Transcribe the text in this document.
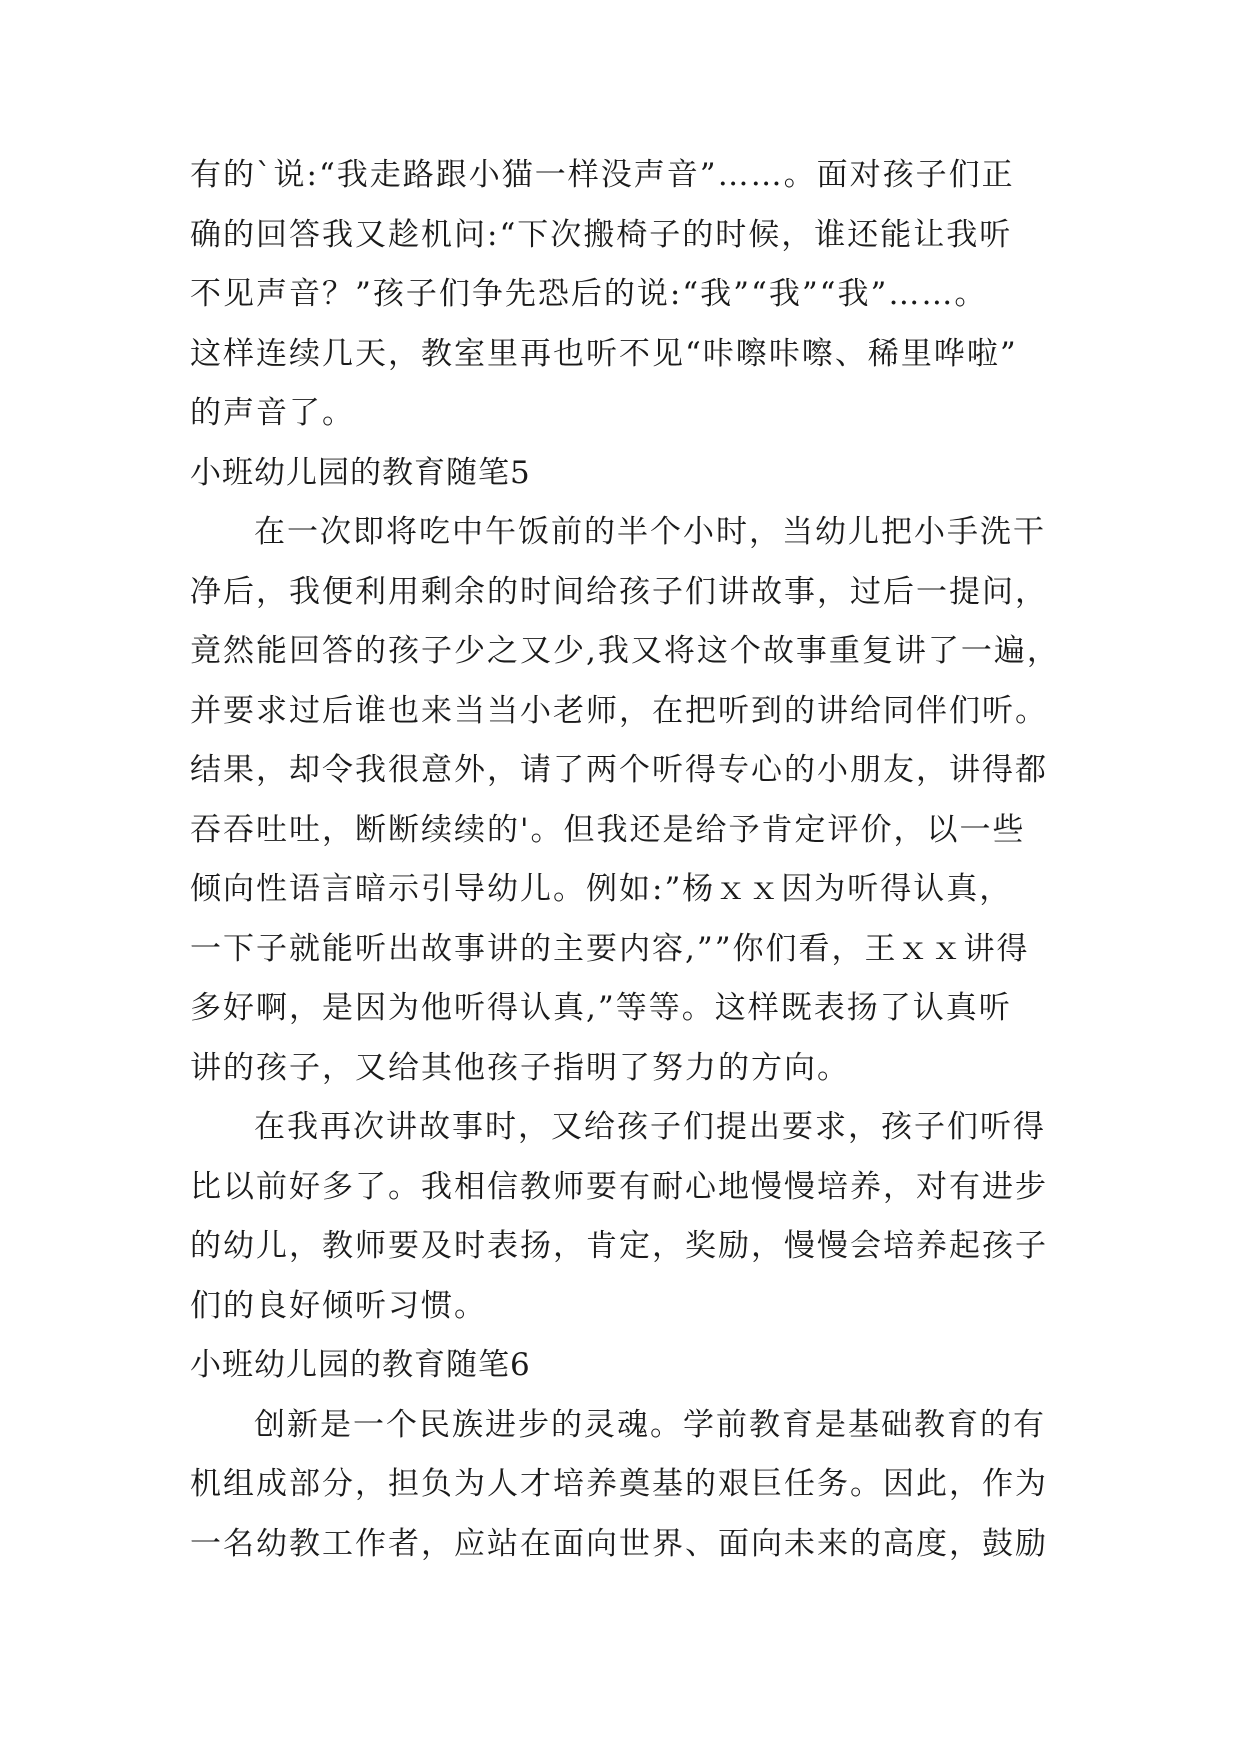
有的`说:“我走路跟小猫一样没声音”……。面对孩子们正
确的回答我又趁机问:“下次搬椅子的时候，谁还能让我听
不见声音？”孩子们争先恐后的说:“我”“我”“我”……。
这样连续几天，教室里再也听不见“咔嚓咔嚓、稀里哗啦”
的声音了。
小班幼儿园的教育随笔5
在一次即将吃中午饭前的半个小时，当幼儿把小手洗干
净后，我便利用剩余的时间给孩子们讲故事，过后一提问，
竟然能回答的孩子少之又少,我又将这个故事重复讲了一遍，
并要求过后谁也来当当小老师，在把听到的讲给同伴们听。
结果，却令我很意外，请了两个听得专心的小朋友，讲得都
吞吞吐吐，断断续续的'。但我还是给予肯定评价，以一些
倾向性语言暗示引导幼儿。例如:”杨ｘｘ因为听得认真，
一下子就能听出故事讲的主要内容,””你们看，王ｘｘ讲得
多好啊，是因为他听得认真,”等等。这样既表扬了认真听
讲的孩子，又给其他孩子指明了努力的方向。
在我再次讲故事时，又给孩子们提出要求，孩子们听得
比以前好多了。我相信教师要有耐心地慢慢培养，对有进步
的幼儿，教师要及时表扬，肯定，奖励，慢慢会培养起孩子
们的良好倾听习惯。
小班幼儿园的教育随笔6
创新是一个民族进步的灵魂。学前教育是基础教育的有
机组成部分，担负为人才培养奠基的艰巨任务。因此，作为
一名幼教工作者，应站在面向世界、面向未来的高度，鼓励
